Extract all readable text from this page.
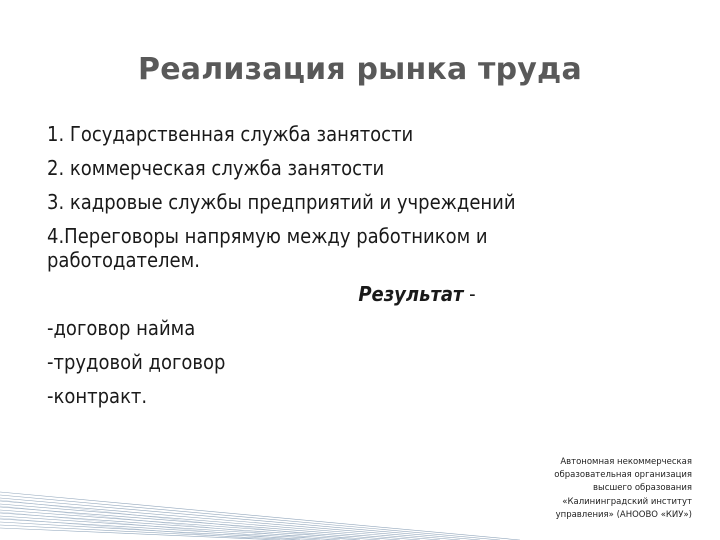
Реализация рынка труда
1. Государственная служба занятости
2. коммерческая служба занятости
3. кадровые службы предприятий и учреждений
4.Переговоры напрямую между работником и работодателем.
Результат -
-договор найма
-трудовой договор
-контракт.
Автономная некоммерческая
образовательная организация
высшего образования
«Калининградский институт
управления» (АНООВО «КИУ»)
